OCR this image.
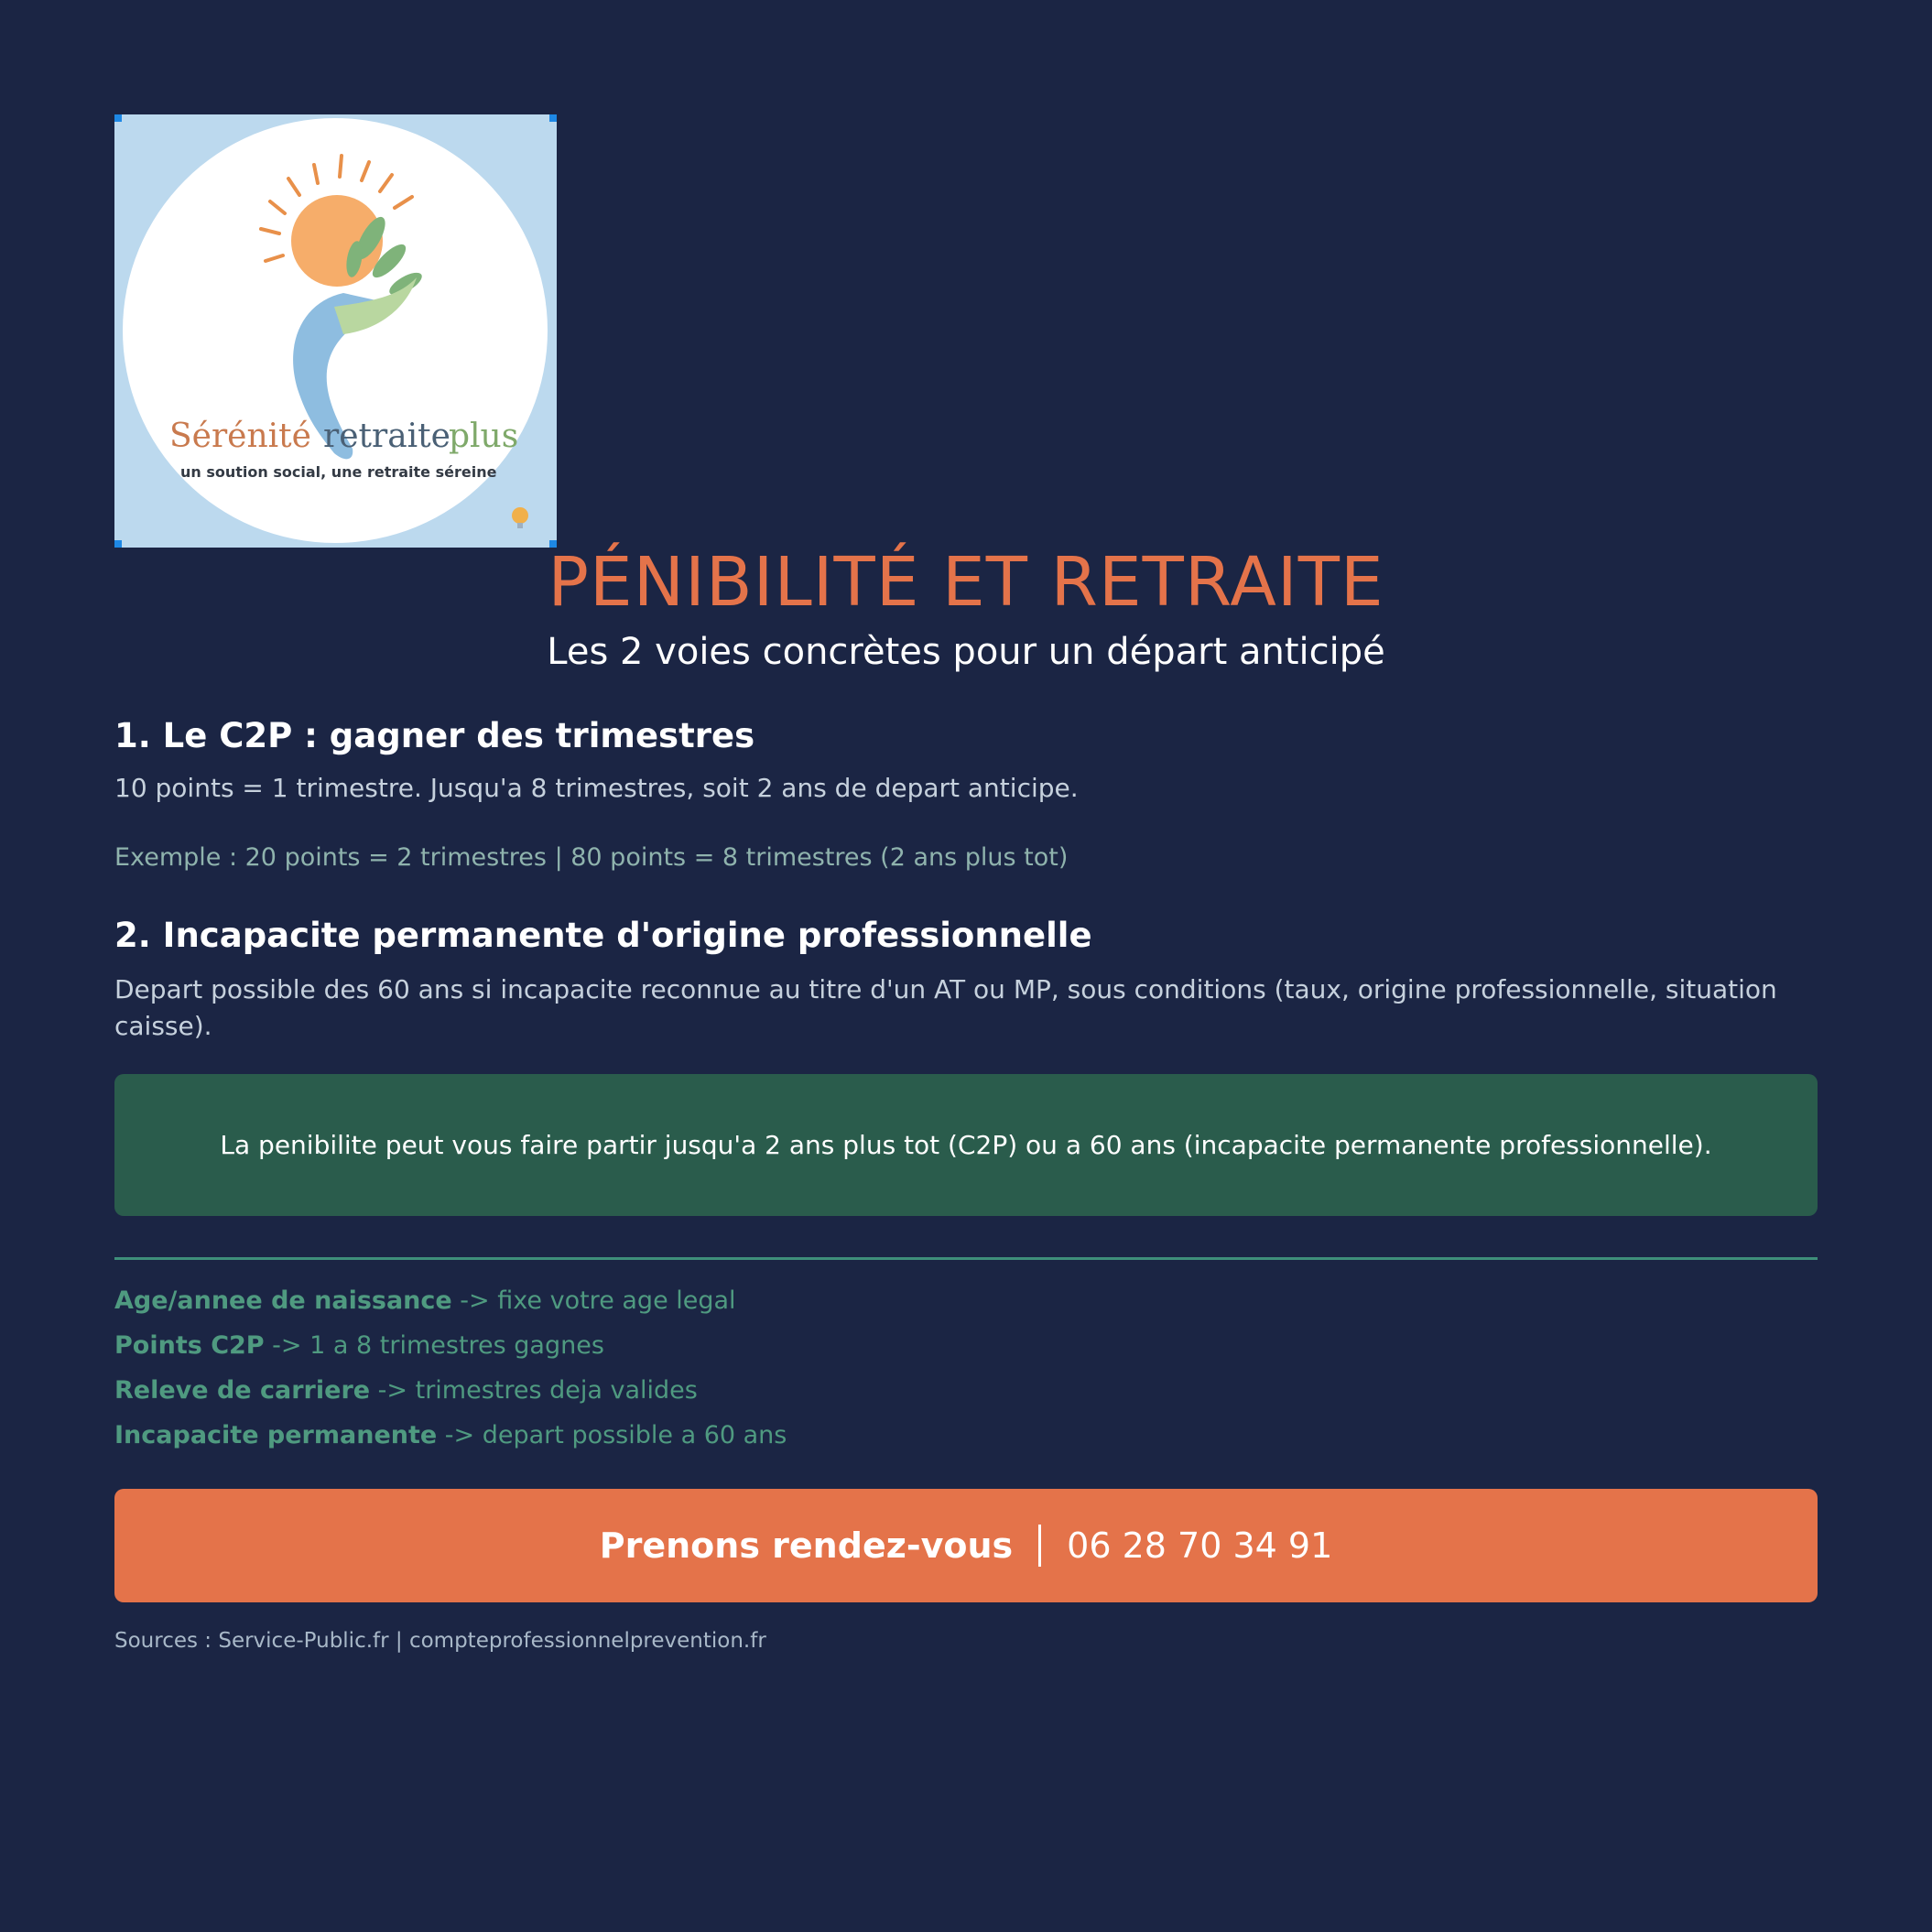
Sérénité retraite
plus
un soution social, une retraite séreine
PÉNIBILITÉ ET RETRAITE
Les 2 voies concrètes pour un départ anticipé
1. Le C2P : gagner des trimestres

10 points = 1 trimestre. Jusqu'a 8 trimestres, soit 2 ans de depart anticipe.

Exemple : 20 points = 2 trimestres | 80 points = 8 trimestres (2 ans plus tot)

2. Incapacite permanente d'origine professionnelle

Depart possible des 60 ans si incapacite reconnue au titre d'un AT ou MP, sous conditions (taux, origine professionnelle, situation caisse).

La penibilite peut vous faire partir jusqu'a 2 ans plus tot (C2P) ou a 60 ans (incapacite permanente professionnelle).
Age/annee de naissance -> fixe votre age legal
Points C2P -> 1 a 8 trimestres gagnes
Releve de carriere -> trimestres deja valides
Incapacite permanente -> depart possible a 60 ans
Prenons rendez-vous 06 28 70 34 91
Sources : Service-Public.fr | compteprofessionnelprevention.fr
